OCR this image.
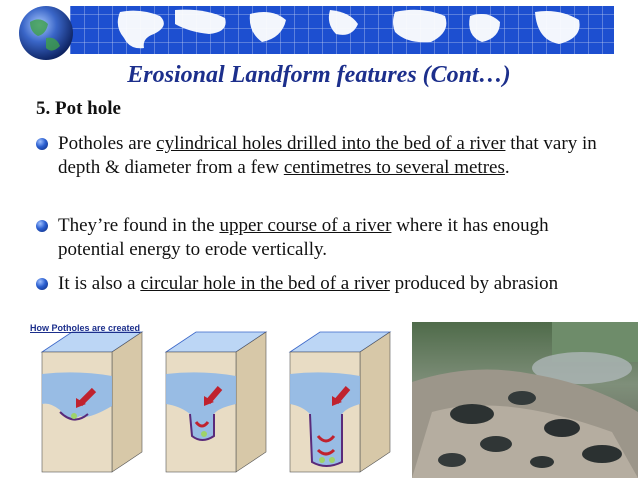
Erosional Landform features (Cont…)
5. Pot hole
Potholes are cylindrical holes drilled into the bed of a river that vary in depth & diameter from a few centimetres to several metres.
They’re found in the upper course of a river where it has enough potential energy to erode vertically.
It is also a circular hole in the bed of a river produced by abrasion
How Potholes are created
